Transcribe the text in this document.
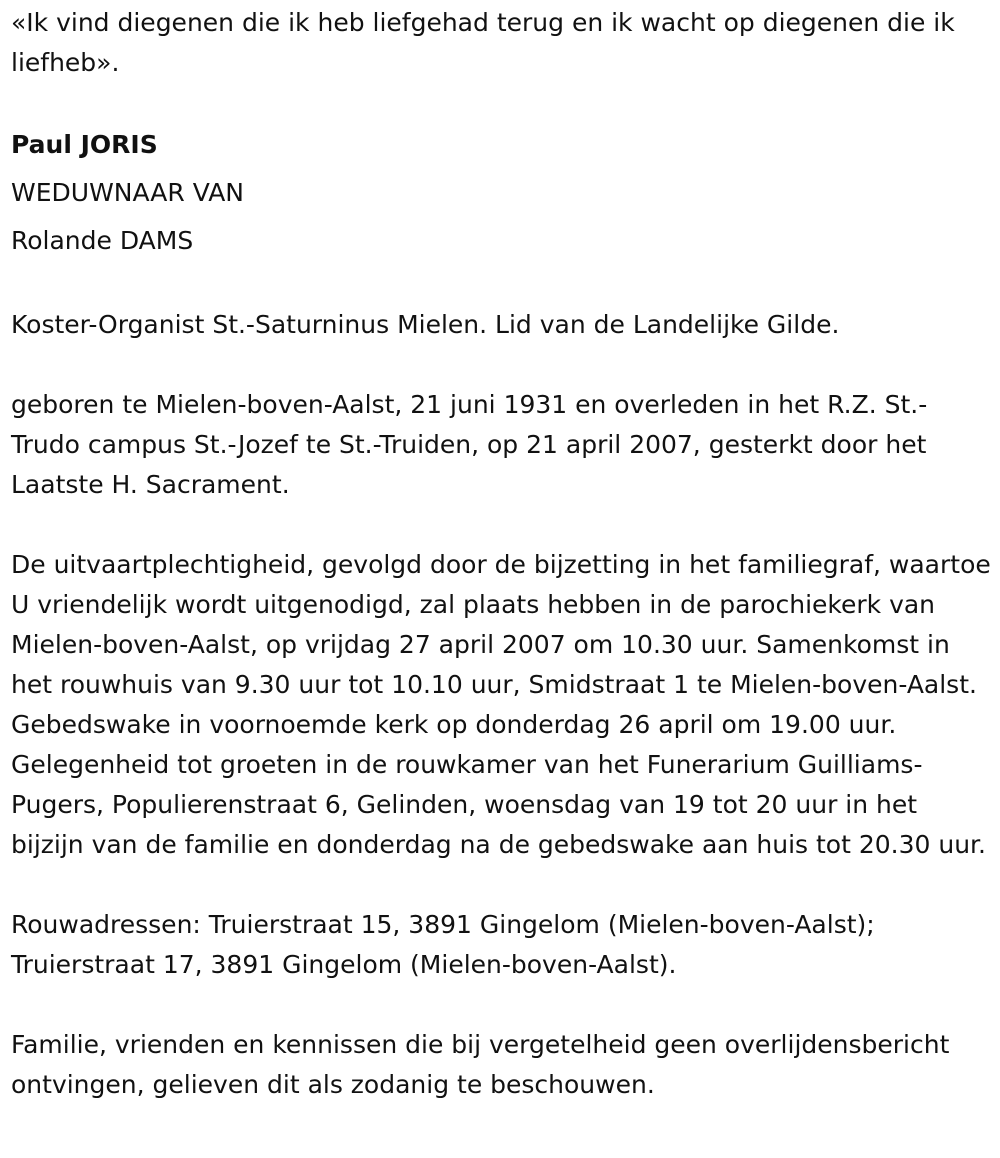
«Ik vind diegenen die ik heb liefgehad terug en ik wacht op diegenen die ik liefheb».

Paul JORIS

WEDUWNAAR VAN

Rolande DAMS

Koster-Organist St.-Saturninus Mielen. Lid van de Landelijke Gilde.

geboren te Mielen-boven-Aalst, 21 juni 1931 en overleden in het R.Z. St.-Trudo campus St.-Jozef te St.-Truiden, op 21 april 2007, gesterkt door het Laatste H. Sacrament.

De uitvaartplechtigheid, gevolgd door de bijzetting in het familiegraf, waartoe U vriendelijk wordt uitgenodigd, zal plaats hebben in de parochiekerk van Mielen-boven-Aalst, op vrijdag 27 april 2007 om 10.30 uur. Samenkomst in het rouwhuis van 9.30 uur tot 10.10 uur, Smidstraat 1 te Mielen-boven-Aalst. Gebedswake in voornoemde kerk op donderdag 26 april om 19.00 uur. Gelegenheid tot groeten in de rouwkamer van het Funerarium Guilliams-Pugers, Populierenstraat 6, Gelinden, woensdag van 19 tot 20 uur in het bijzijn van de familie en donderdag na de gebedswake aan huis tot 20.30 uur.

Rouwadressen: Truierstraat 15, 3891 Gingelom (Mielen-boven-Aalst); Truierstraat 17, 3891 Gingelom (Mielen-boven-Aalst).

Familie, vrienden en kennissen die bij vergetelheid geen overlijdensbericht ontvingen, gelieven dit als zodanig te beschouwen.
